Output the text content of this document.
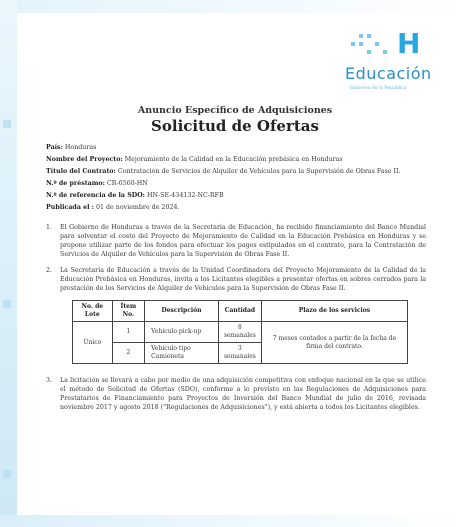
H
Educación
Gobierno de la República
Anuncio Específico de Adquisiciones
Solicitud de Ofertas
País: Honduras
Nombre del Proyecto: Mejoramiento de la Calidad en la Educación prebásica en Honduras
Título del Contrato: Contratación de Servicios de Alquiler de Vehículos para la Supervisión de Obras Fase II.
N.º de préstamo: CR-6560-HN
N.º de referencia de la SDO: HN-SE-434132-NC-RFB
Publicada el : 01 de noviembre de 2024.
1. El Gobierno de Honduras a través de la Secretaría de Educación, ha recibido financiamiento del Banco Mundial para solventar el costo del Proyecto de Mejoramiento de Calidad en la Educación Prebásica en Honduras y se propone utilizar parte de los fondos para efectuar los pagos estipulados en el contrato, para la Contratación de Servicios de Alquiler de Vehículos para la Supervisión de Obras Fase II.
2. La Secretaría de Educación a través de la Unidad Coordinadora del Proyecto Mejoramiento de la Calidad de la Educación Prebásica en Honduras, invita a los Licitantes elegibles a presentar ofertas en sobres cerrados para la prestación de los Servicios de Alquiler de Vehículos para la Supervisión de Obras Fase II.
No. de Lote	Ítem No.	Descripción	Cantidad	Plazo de los servicios
Único	1	Vehículo pick-up	8 semanales	7 meses contados a partir de la fecha de firma del contrato.
	2	Vehículo tipo Camioneta	3 semanales	
3. La licitación se llevará a cabo por medio de una adquisición competitiva con enfoque nacional en la que se utilice el método de Solicitud de Ofertas (SDO), conforme a lo previsto en las Regulaciones de Adquisiciones para Prestatarios de Financiamiento para Proyectos de Inversión del Banco Mundial de julio de 2016, revisada noviembre 2017 y agosto 2018 ("Regulaciones de Adquisiciones"), y está abierta a todos los Licitantes elegibles.
